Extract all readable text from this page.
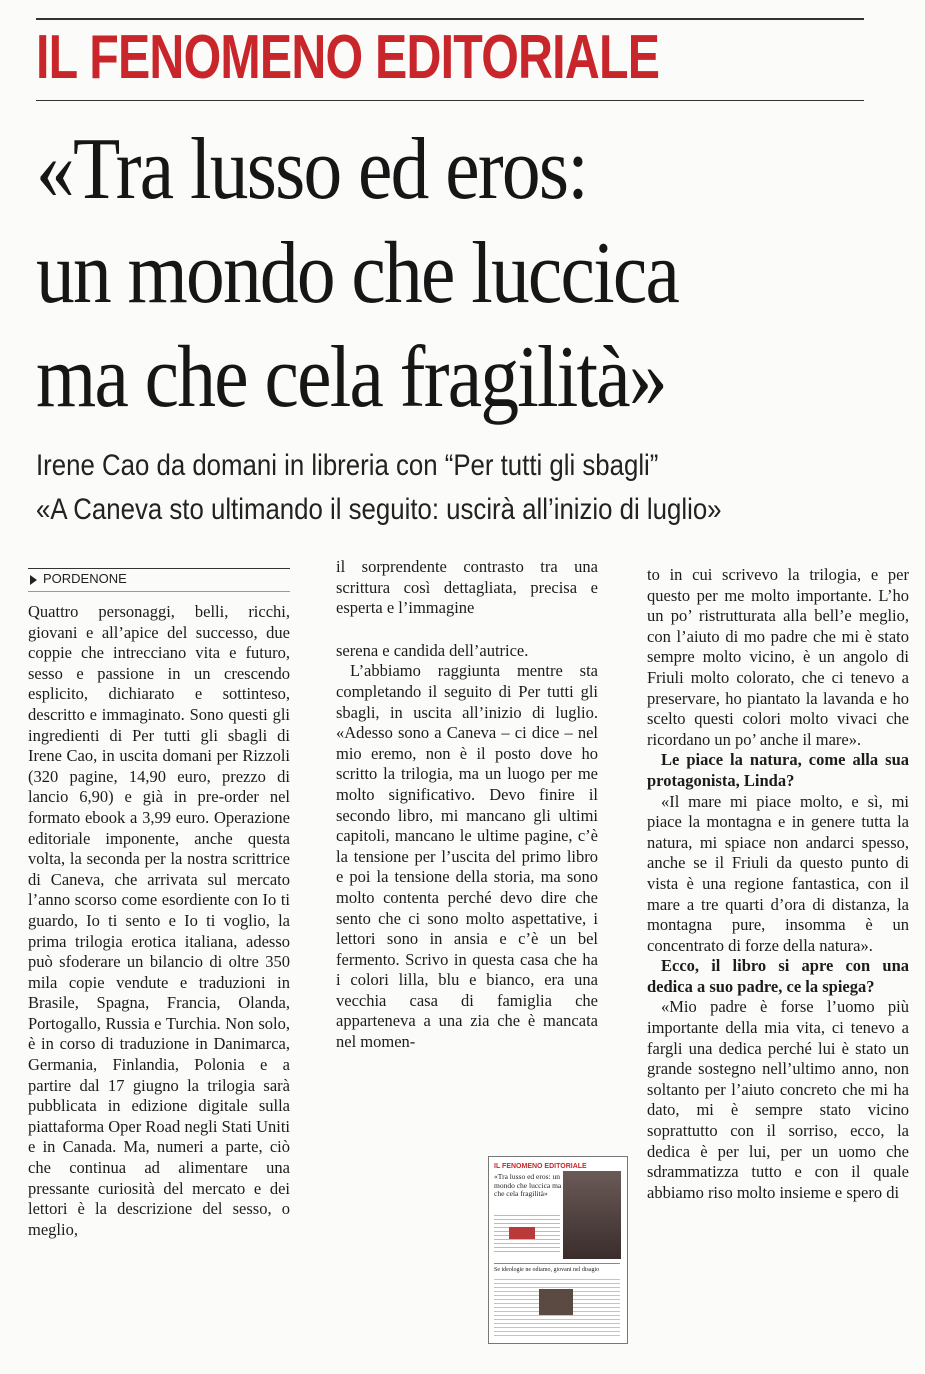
IL FENOMENO EDITORIALE
«Tra lusso ed eros:
un mondo che luccica
ma che cela fragilità»
Irene Cao da domani in libreria con “Per tutti gli sbagli”
«A Caneva sto ultimando il seguito: uscirà all’inizio di luglio»
PORDENONE

Quattro personaggi, belli, ricchi, giovani e all’apice del successo, due coppie che intrecciano vita e futuro, sesso e passione in un crescendo esplicito, dichiarato e sottinteso, descritto e immaginato. Sono questi gli ingredienti di Per tutti gli sbagli di Irene Cao, in uscita domani per Rizzoli (320 pagine, 14,90 euro, prezzo di lancio 6,90) e già in pre-order nel formato ebook a 3,99 euro. Operazione editoriale imponente, anche questa volta, la seconda per la nostra scrittrice di Caneva, che arrivata sul mercato l’anno scorso come esordiente con Io ti guardo, Io ti sento e Io ti voglio, la prima trilogia erotica italiana, adesso può sfoderare un bilancio di oltre 350 mila copie vendute e traduzioni in Brasile, Spagna, Francia, Olanda, Portogallo, Russia e Turchia. Non solo, è in corso di traduzione in Danimarca, Germania, Finlandia, Polonia e a partire dal 17 giugno la trilogia sarà pubblicata in edizione digitale sulla piattaforma Oper Road negli Stati Uniti e in Canada. Ma, numeri a parte, ciò che continua ad alimentare una pressante curiosità del mercato e dei lettori è la descrizione del sesso, o meglio,

il sorprendente contrasto tra una scrittura così dettagliata, precisa e esperta e l’immagine

serena e candida dell’autrice.

L’abbiamo raggiunta mentre sta completando il seguito di Per tutti gli sbagli, in uscita all’inizio di luglio. «Adesso sono a Caneva – ci dice – nel mio eremo, non è il posto dove ho scritto la trilogia, ma un luogo per me molto significativo. Devo finire il secondo libro, mi mancano gli ultimi capitoli, mancano le ultime pagine, c’è la tensione per l’uscita del primo libro e poi la tensione della storia, ma sono molto contenta perché devo dire che sento che ci sono molto aspettative, i lettori sono in ansia e c’è un bel fermento. Scrivo in questa casa che ha i colori lilla, blu e bianco, era una vecchia casa di famiglia che apparteneva a una zia che è mancata nel momen-

to in cui scrivevo la trilogia, e per questo per me molto importante. L’ho un po’ ristrutturata alla bell’e meglio, con l’aiuto di mo padre che mi è stato sempre molto vicino, è un angolo di Friuli molto colorato, che ci tenevo a preservare, ho piantato la lavanda e ho scelto questi colori molto vivaci che ricordano un po’ anche il mare».

Le piace la natura, come alla sua protagonista, Linda?

«Il mare mi piace molto, e sì, mi piace la montagna e in genere tutta la natura, mi spiace non andarci spesso, anche se il Friuli da questo punto di vista è una regione fantastica, con il mare a tre quarti d’ora di distanza, la montagna pure, insomma è un concentrato di forze della natura».

Ecco, il libro si apre con una dedica a suo padre, ce la spiega?

«Mio padre è forse l’uomo più importante della mia vita, ci tenevo a fargli una dedica perché lui è stato un grande sostegno nell’ultimo anno, non soltanto per l’aiuto concreto che mi ha dato, mi è sempre stato vicino soprattutto con il sorriso, ecco, la dedica è per lui, per un uomo che sdrammatizza tutto e con il quale abbiamo riso molto insieme e spero di

IL FENOMENO EDITORIALE
«Tra lusso ed eros: un mondo che luccica ma che cela fragilità»
Se ideologie ne odiamo, giovani nel disagio
